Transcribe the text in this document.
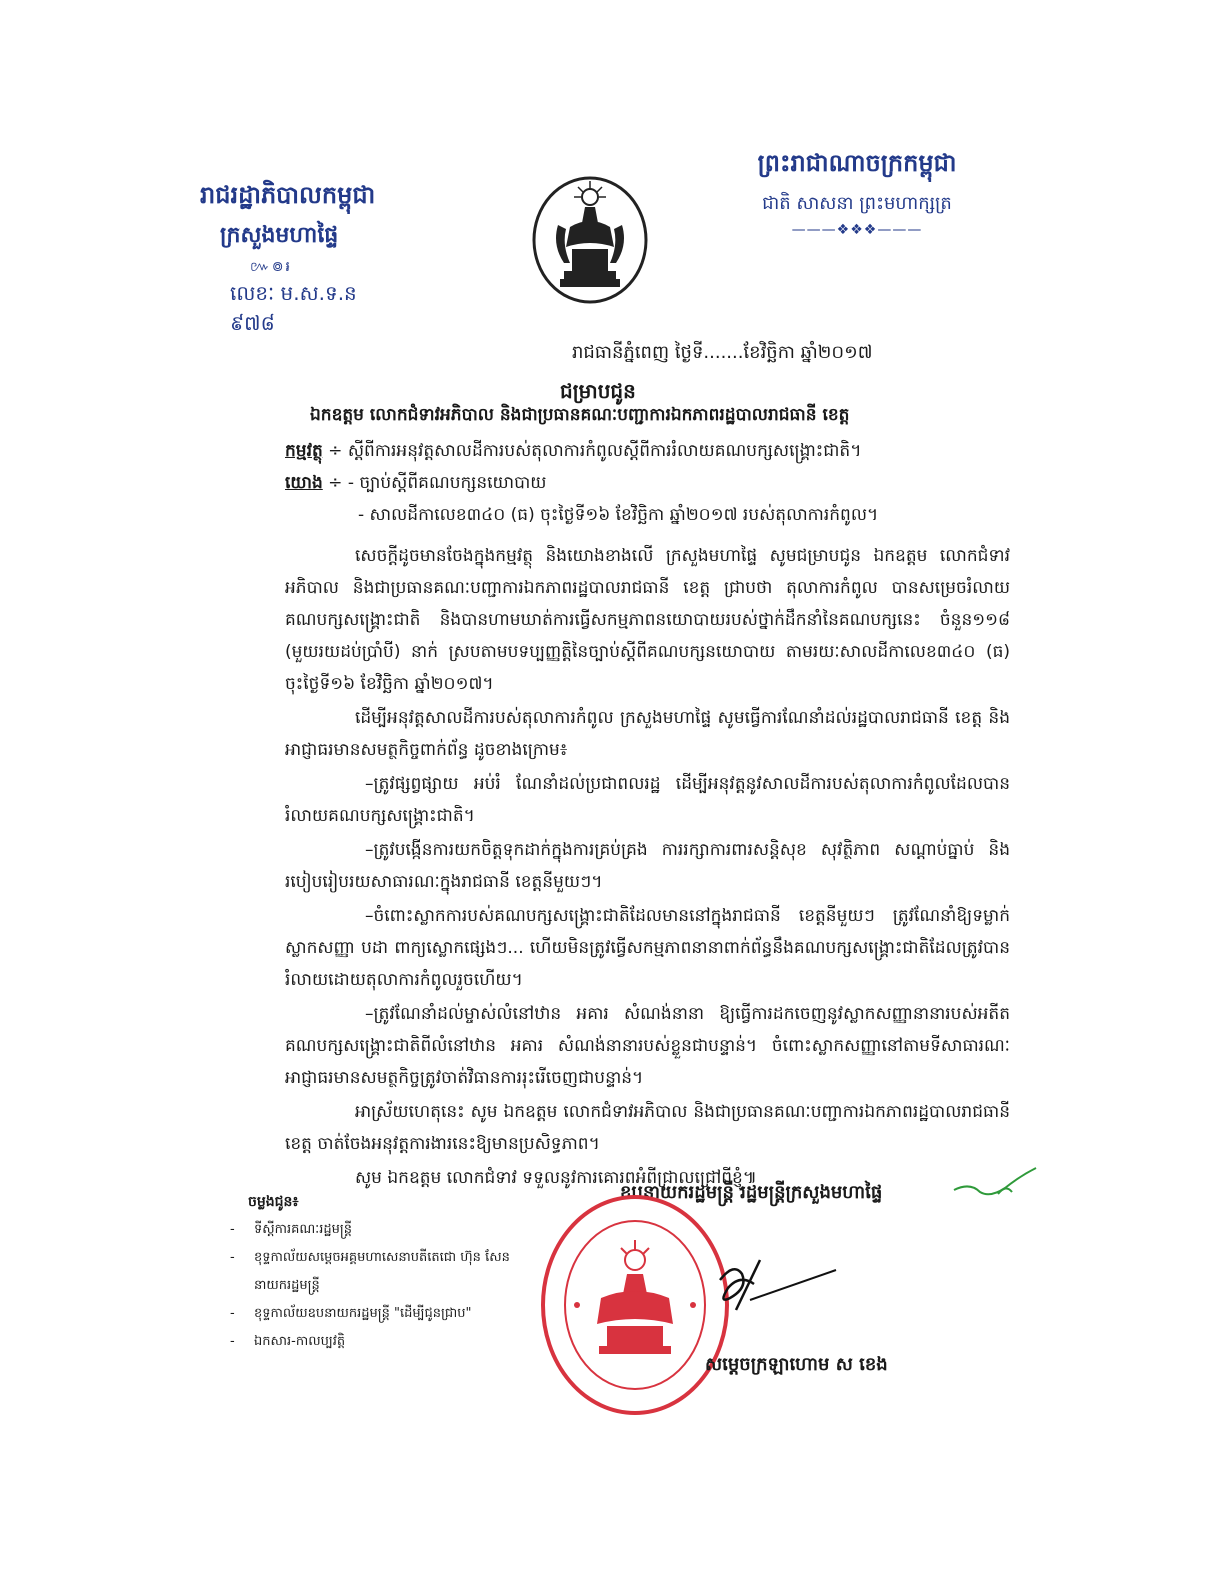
រាជរដ្ឋាភិបាលកម្ពុជា
ក្រសួងមហាផ្ទៃ
៚៙៛
លេខៈ ម.ស.ទ.ន ៩៧៨
ព្រះរាជាណាចក្រកម្ពុជា
ជាតិ សាសនា ព្រះមហាក្សត្រ
———❖❖❖———
រាជធានីភ្នំពេញ ថ្ងៃទី.......ខែវិច្ឆិកា ឆ្នាំ២០១៧
ជម្រាបជូន
ឯកឧត្តម លោកជំទាវអភិបាល និងជាប្រធានគណៈបញ្ជាការឯកភាពរដ្ឋបាលរាជធានី ខេត្ត
កម្មវត្ថុ ÷ ស្តីពីការអនុវត្តសាលដីការបស់តុលាការកំពូលស្តីពីការរំលាយគណបក្សសង្គ្រោះជាតិ។
យោង ÷ - ច្បាប់ស្តីពីគណបក្សនយោបាយ
- សាលដីកាលេខ៣៤០ (ធ) ចុះថ្ងៃទី១៦ ខែវិច្ឆិកា ឆ្នាំ២០១៧ របស់តុលាការកំពូល។

សេចក្តីដូចមានចែងក្នុងកម្មវត្ថុ និងយោងខាងលើ ក្រសួងមហាផ្ទៃ សូមជម្រាបជូន ឯកឧត្តម លោកជំទាវអភិបាល និងជាប្រធានគណៈបញ្ជាការឯកភាពរដ្ឋបាលរាជធានី ខេត្ត ជ្រាបថា តុលាការកំពូល បានសម្រេចរំលាយគណបក្សសង្គ្រោះជាតិ និងបានហាមឃាត់ការធ្វើសកម្មភាពនយោបាយរបស់ថ្នាក់ដឹកនាំនៃគណបក្សនេះ ចំនួន១១៨ (មួយរយដប់ប្រាំបី) នាក់ ស្របតាមបទប្បញ្ញត្តិនៃច្បាប់ស្តីពីគណបក្សនយោបាយ តាមរយៈសាលដីកាលេខ៣៤០ (ធ) ចុះថ្ងៃទី១៦ ខែវិច្ឆិកា ឆ្នាំ២០១៧។

ដើម្បីអនុវត្តសាលដីការបស់តុលាការកំពូល ក្រសួងមហាផ្ទៃ សូមធ្វើការណែនាំដល់រដ្ឋបាលរាជធានី ខេត្ត និងអាជ្ញាធរមានសមត្ថកិច្ចពាក់ព័ន្ធ ដូចខាងក្រោម៖

–ត្រូវផ្សព្វផ្សាយ អប់រំ ណែនាំដល់ប្រជាពលរដ្ឋ ដើម្បីអនុវត្តនូវសាលដីការបស់តុលាការកំពូលដែលបានរំលាយគណបក្សសង្គ្រោះជាតិ។

–ត្រូវបង្កើនការយកចិត្តទុកដាក់ក្នុងការគ្រប់គ្រង ការរក្សាការពារសន្តិសុខ សុវត្ថិភាព សណ្តាប់ធ្នាប់ និងរបៀបរៀបរយសាធារណៈក្នុងរាជធានី ខេត្តនីមួយៗ។

–ចំពោះស្លាកការបស់គណបក្សសង្គ្រោះជាតិដែលមាននៅក្នុងរាជធានី ខេត្តនីមួយៗ ត្រូវណែនាំឱ្យទម្លាក់ស្លាកសញ្ញា បដា ពាក្យស្លោកផ្សេងៗ... ហើយមិនត្រូវធ្វើសកម្មភាពនានាពាក់ព័ន្ធនឹងគណបក្សសង្គ្រោះជាតិដែលត្រូវបានរំលាយដោយតុលាការកំពូលរួចហើយ។

–ត្រូវណែនាំដល់ម្ចាស់លំនៅឋាន អគារ សំណង់នានា ឱ្យធ្វើការដកចេញនូវស្លាកសញ្ញានានារបស់អតីតគណបក្សសង្គ្រោះជាតិពីលំនៅឋាន អគារ សំណង់នានារបស់ខ្លួនជាបន្ទាន់។ ចំពោះស្លាកសញ្ញានៅតាមទីសាធារណៈ អាជ្ញាធរមានសមត្ថកិច្ចត្រូវចាត់វិធានការរុះរើចេញជាបន្ទាន់។

អាស្រ័យហេតុនេះ សូម ឯកឧត្តម លោកជំទាវអភិបាល និងជាប្រធានគណៈបញ្ជាការឯកភាពរដ្ឋបាលរាជធានី ខេត្ត ចាត់ចែងអនុវត្តការងារនេះឱ្យមានប្រសិទ្ធភាព។

សូម ឯកឧត្តម លោកជំទាវ ទទួលនូវការគោរពអំពីជ្រាលជ្រៅពីខ្ញុំ៕

ឧបនាយករដ្ឋមន្ត្រី រដ្ឋមន្ត្រីក្រសួងមហាផ្ទៃ
សម្តេចក្រឡាហោម ស ខេង
ចម្លងជូន៖
- ទីស្តីការគណៈរដ្ឋមន្ត្រី
- ខុទ្ទកាល័យសម្តេចអគ្គមហាសេនាបតីតេជោ ហ៊ុន សែន នាយករដ្ឋមន្ត្រី
- ខុទ្ទកាល័យឧបនាយករដ្ឋមន្ត្រី "ដើម្បីជូនជ្រាប"
- ឯកសារ-កាលប្បវត្តិ
